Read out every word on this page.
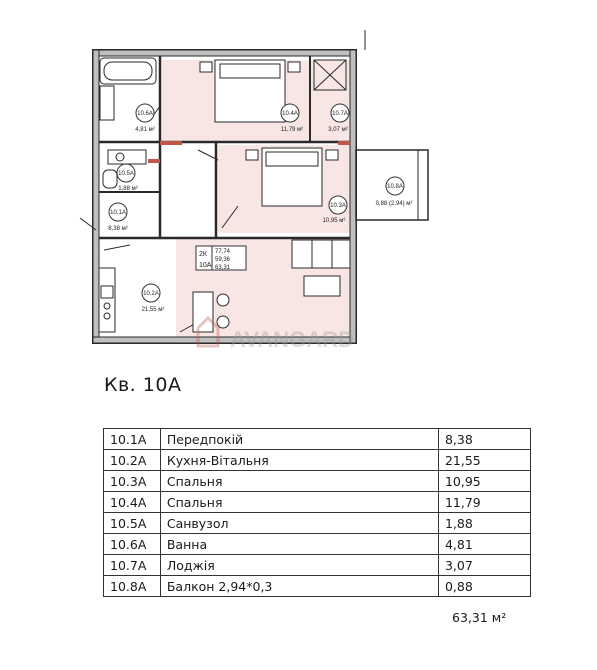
10.6A
4,81 м²
10.4A
11,79 м²
10.7A
3,07 м²
10.5A
1,88 м²	10.8A
0,88 (2,94) м²
10.1A
8,38 м²
10.3A
10,95 м²
10.2A
21,55 м²
2К
10А
77,74
59,36
63,31
AVANGARD
Кв. 10А
10.1A	Передпокій	8,38
10.2A	Кухня-Вітальня	21,55
10.3A	Спальня	10,95
10.4A	Спальня	11,79
10.5A	Санвузол	1,88
10.6A	Ванна	4,81
10.7A	Лоджія	3,07
10.8A	Балкон 2,94*0,3	0,88
63,31 м²
